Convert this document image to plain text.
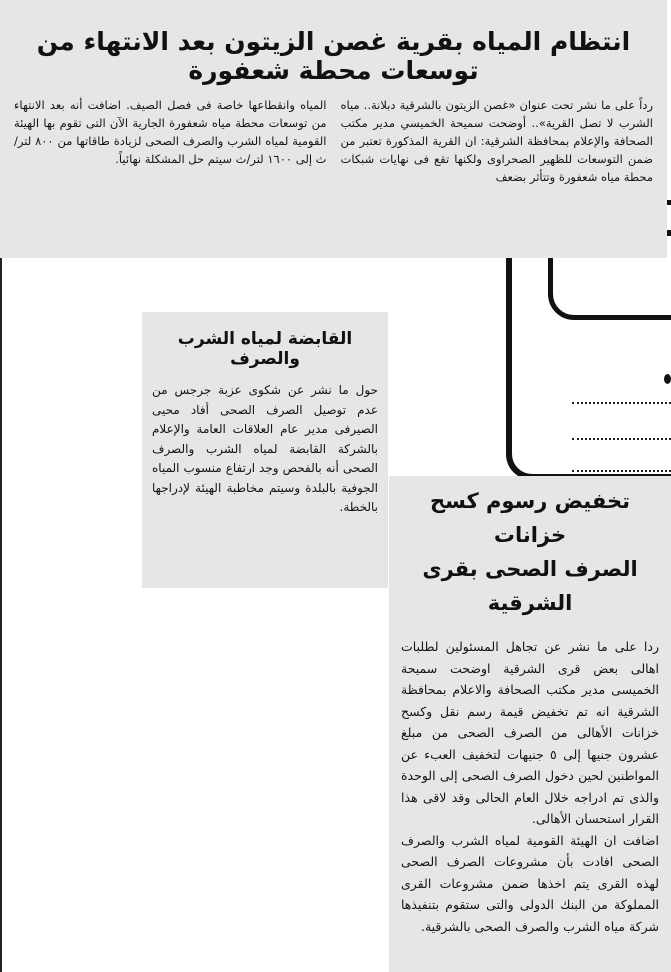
انتظام المياه بقرية غصن الزيتون بعد الانتهاء من توسعات محطة شعفورة

رداً على ما نشر تحت عنوان «غصن الزيتون بالشرقية دبلانة.. مياه الشرب لا تصل القرية».. أوضحت سميحة الخميسي مدير مكتب الصحافة والإعلام بمحافظة الشرقية: ان القرية المذكورة تعتبر من ضمن التوسعات للظهير الصحراوى ولكنها تقع فى نهايات شبكات محطة مياه شعفورة وتتأثر بضعف

المياه وانقطاعها خاصة فى فصل الصيف. اضافت أنه بعد الانتهاء من توسعات محطة مياه شعفورة الجارية الآن التى تقوم بها الهيئة القومية لمياه الشرب والصرف الصحى لزيادة طاقاتها من ٨٠٠ لتر/ث إلى ١٦٠٠ لتر/ث سيتم حل المشكلة نهائياً.

القابضة لمياه الشرب والصرف

حول ما نشر عن شكوى عزبة جرجس من عدم توصيل الصرف الصحى أفاد محيى الصيرفى مدير عام العلاقات العامة والإعلام بالشركة القابضة لمياه الشرب والصرف الصحى أنه بالفحص وجد ارتفاع منسوب المياه الجوفية بالبلدة وسيتم مخاطبة الهيئة لإدراجها بالخطة.	تخفيض رسوم كسح خزانات
الصرف الصحى بقرى الشرقية

ردا على ما نشر عن تجاهل المسئولين لطلبات اهالى بعض قرى الشرقية اوضحت سميحة الخميسى مدير مكتب الصحافة والاعلام بمحافظة الشرقية انه تم تخفيض قيمة رسم نقل وكسح خزانات الأهالى من الصرف الصحى من مبلغ عشرون جنيها إلى ٥ جنيهات لتخفيف العبء عن المواطنين لحين دخول الصرف الصحى إلى الوحدة والذى تم ادراجه خلال العام الحالى وقد لاقى هذا القرار استحسان الأهالى.

اضافت ان الهيئة القومية لمياه الشرب والصرف الصحى افادت بأن مشروعات الصرف الصحى لهذه القرى يتم اخذها ضمن مشروعات القرى المملوكة من البنك الدولى والتى ستقوم بتنفيذها شركة مياه الشرب والصرف الصحى بالشرقية.
